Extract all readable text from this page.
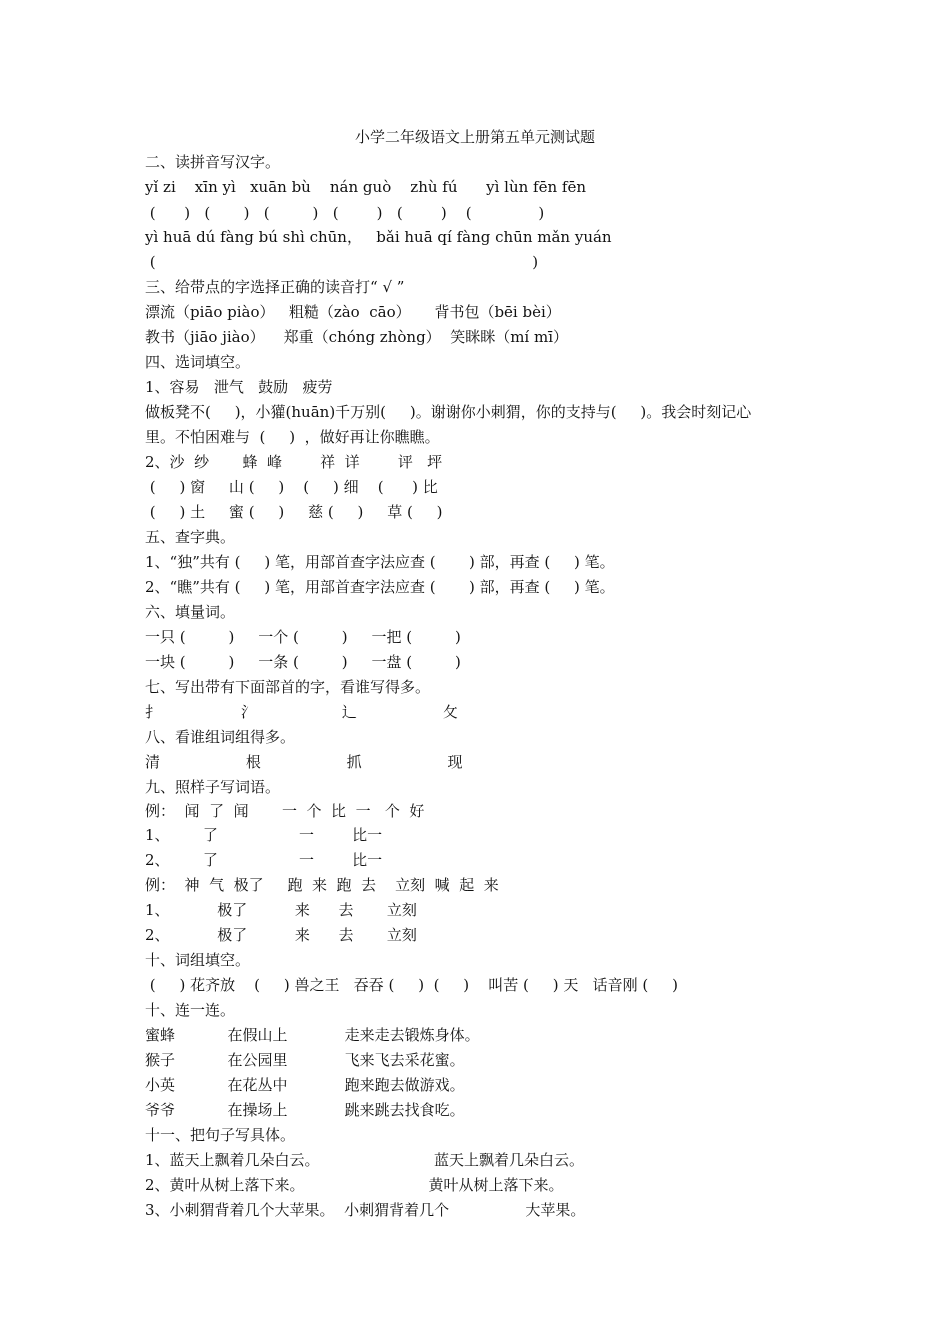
小学二年级语文上册第五单元测试题
二、读拼音写汉字。
yǐ zi    xīn yì   xuān bù    nán guò    zhù fú      yì lùn fēn fēn
(      )   (       )   (         )   (        )   (        )    (              )
yì huā dú fàng bú shì chūn，   bǎi huā qí fàng chūn mǎn yuán
(                                                                               )
三、给带点的字选择正确的读音打“ √ ”
漂流（piāo piào）   粗糙（zào  cāo）     背书包（bēi bèi）
教书（jiāo jiào）    郑重（chóng zhòng）  笑眯眯（mí mī）
四、选词填空。
1、容易   泄气   鼓励   疲劳
做板凳不(     )，小獾(huān)千万别(     )。谢谢你小刺猬，你的支持与(     )。我会时刻记心
里。不怕困难与  (     )  ，做好再让你瞧瞧。
2、沙  纱       蜂  峰        祥  详        评   坪
(     ) 窗     山 (     )    (     ) 细    (      ) 比
(     ) 土     蜜 (     )     慈 (     )     草 (     )
五、查字典。
1、“独”共有 (     ) 笔，用部首查字法应查 (       ) 部，再查 (     ) 笔。
2、“瞧”共有 (     ) 笔，用部首查字法应查 (       ) 部，再查 (     ) 笔。
六、填量词。
一只 (         )     一个 (         )     一把 (         )
一块 (         )     一条 (         )     一盘 (         )
七、写出带有下面部首的字，看谁写得多。
扌                 氵                  辶                  攵
八、看谁组词组得多。
清                  根                  抓                  现
九、照样子写词语。
例：  闻  了  闻       一  个  比  一   个  好
1、       了                 一        比一
2、       了                 一        比一
例：  神  气  极了     跑  来  跑  去    立刻  喊  起  来
1、          极了          来      去       立刻
2、          极了          来      去       立刻
十、词组填空。
(     ) 花齐放    (     ) 兽之王   吞吞 (     )  (     )    叫苦 (     ) 天   话音刚 (     )
十、连一连。
蜜蜂           在假山上            走来走去锻炼身体。
猴子           在公园里            飞来飞去采花蜜。
小英           在花丛中            跑来跑去做游戏。
爷爷           在操场上            跳来跳去找食吃。
十一、把句子写具体。
1、蓝天上飘着几朵白云。                        蓝天上飘着几朵白云。
2、黄叶从树上落下来。                          黄叶从树上落下来。
3、小刺猬背着几个大苹果。  小刺猬背着几个                大苹果。
